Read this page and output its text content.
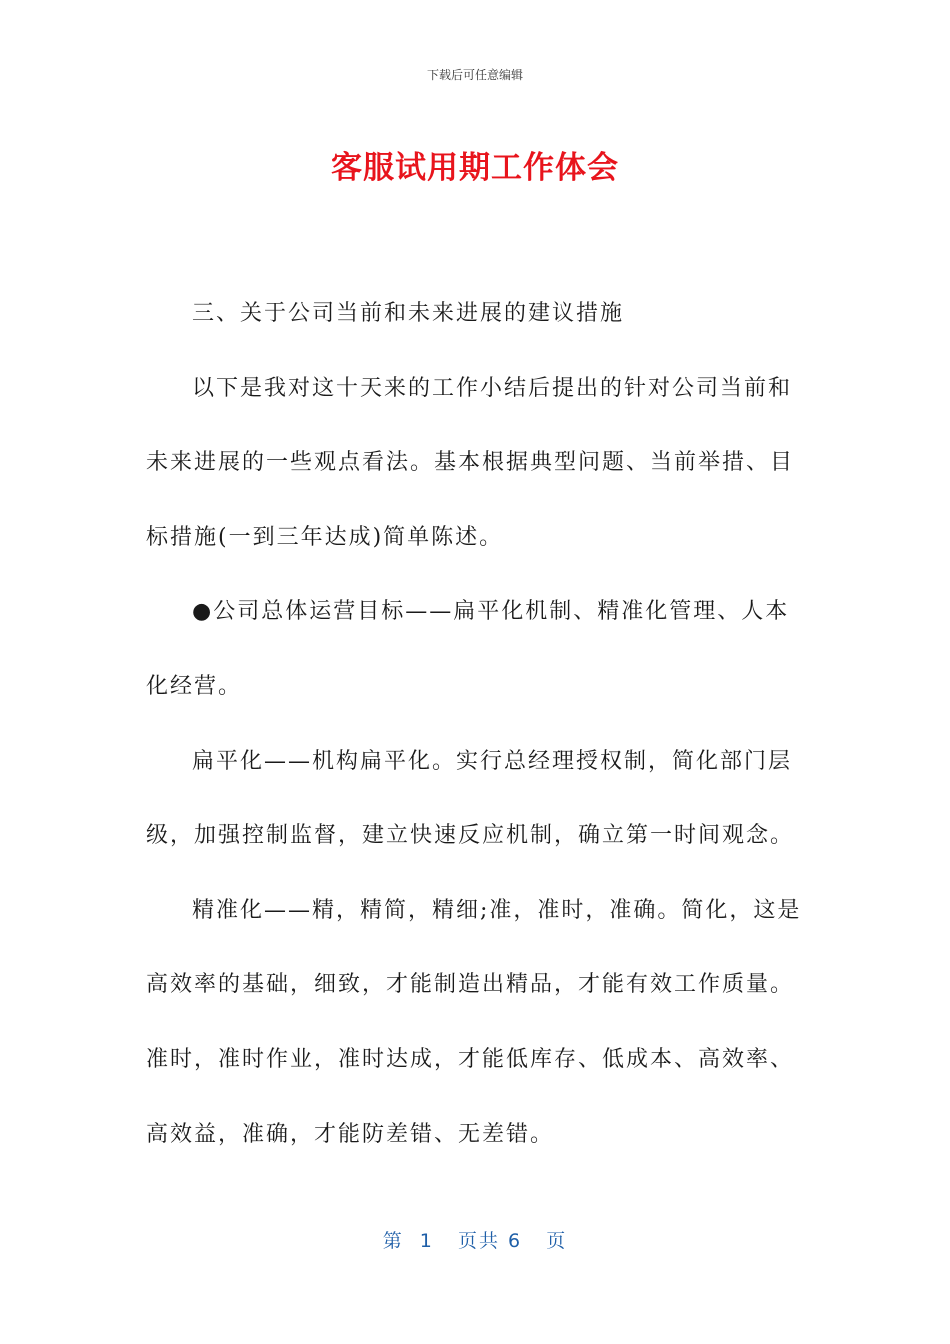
下载后可任意编辑
客服试用期工作体会

三、关于公司当前和未来进展的建议措施

以下是我对这十天来的工作小结后提出的针对公司当前和未来进展的一些观点看法。基本根据典型问题、当前举措、目标措施(一到三年达成)简单陈述。

●公司总体运营目标——扁平化机制、精准化管理、人本化经营。

扁平化——机构扁平化。实行总经理授权制，简化部门层级，加强控制监督，建立快速反应机制，确立第一时间观念。

精准化——精，精简，精细;准，准时，准确。简化，这是高效率的基础，细致，才能制造出精品，才能有效工作质量。准时，准时作业，准时达成，才能低库存、低成本、高效率、高效益，准确，才能防差错、无差错。

第  1   页共 6   页
